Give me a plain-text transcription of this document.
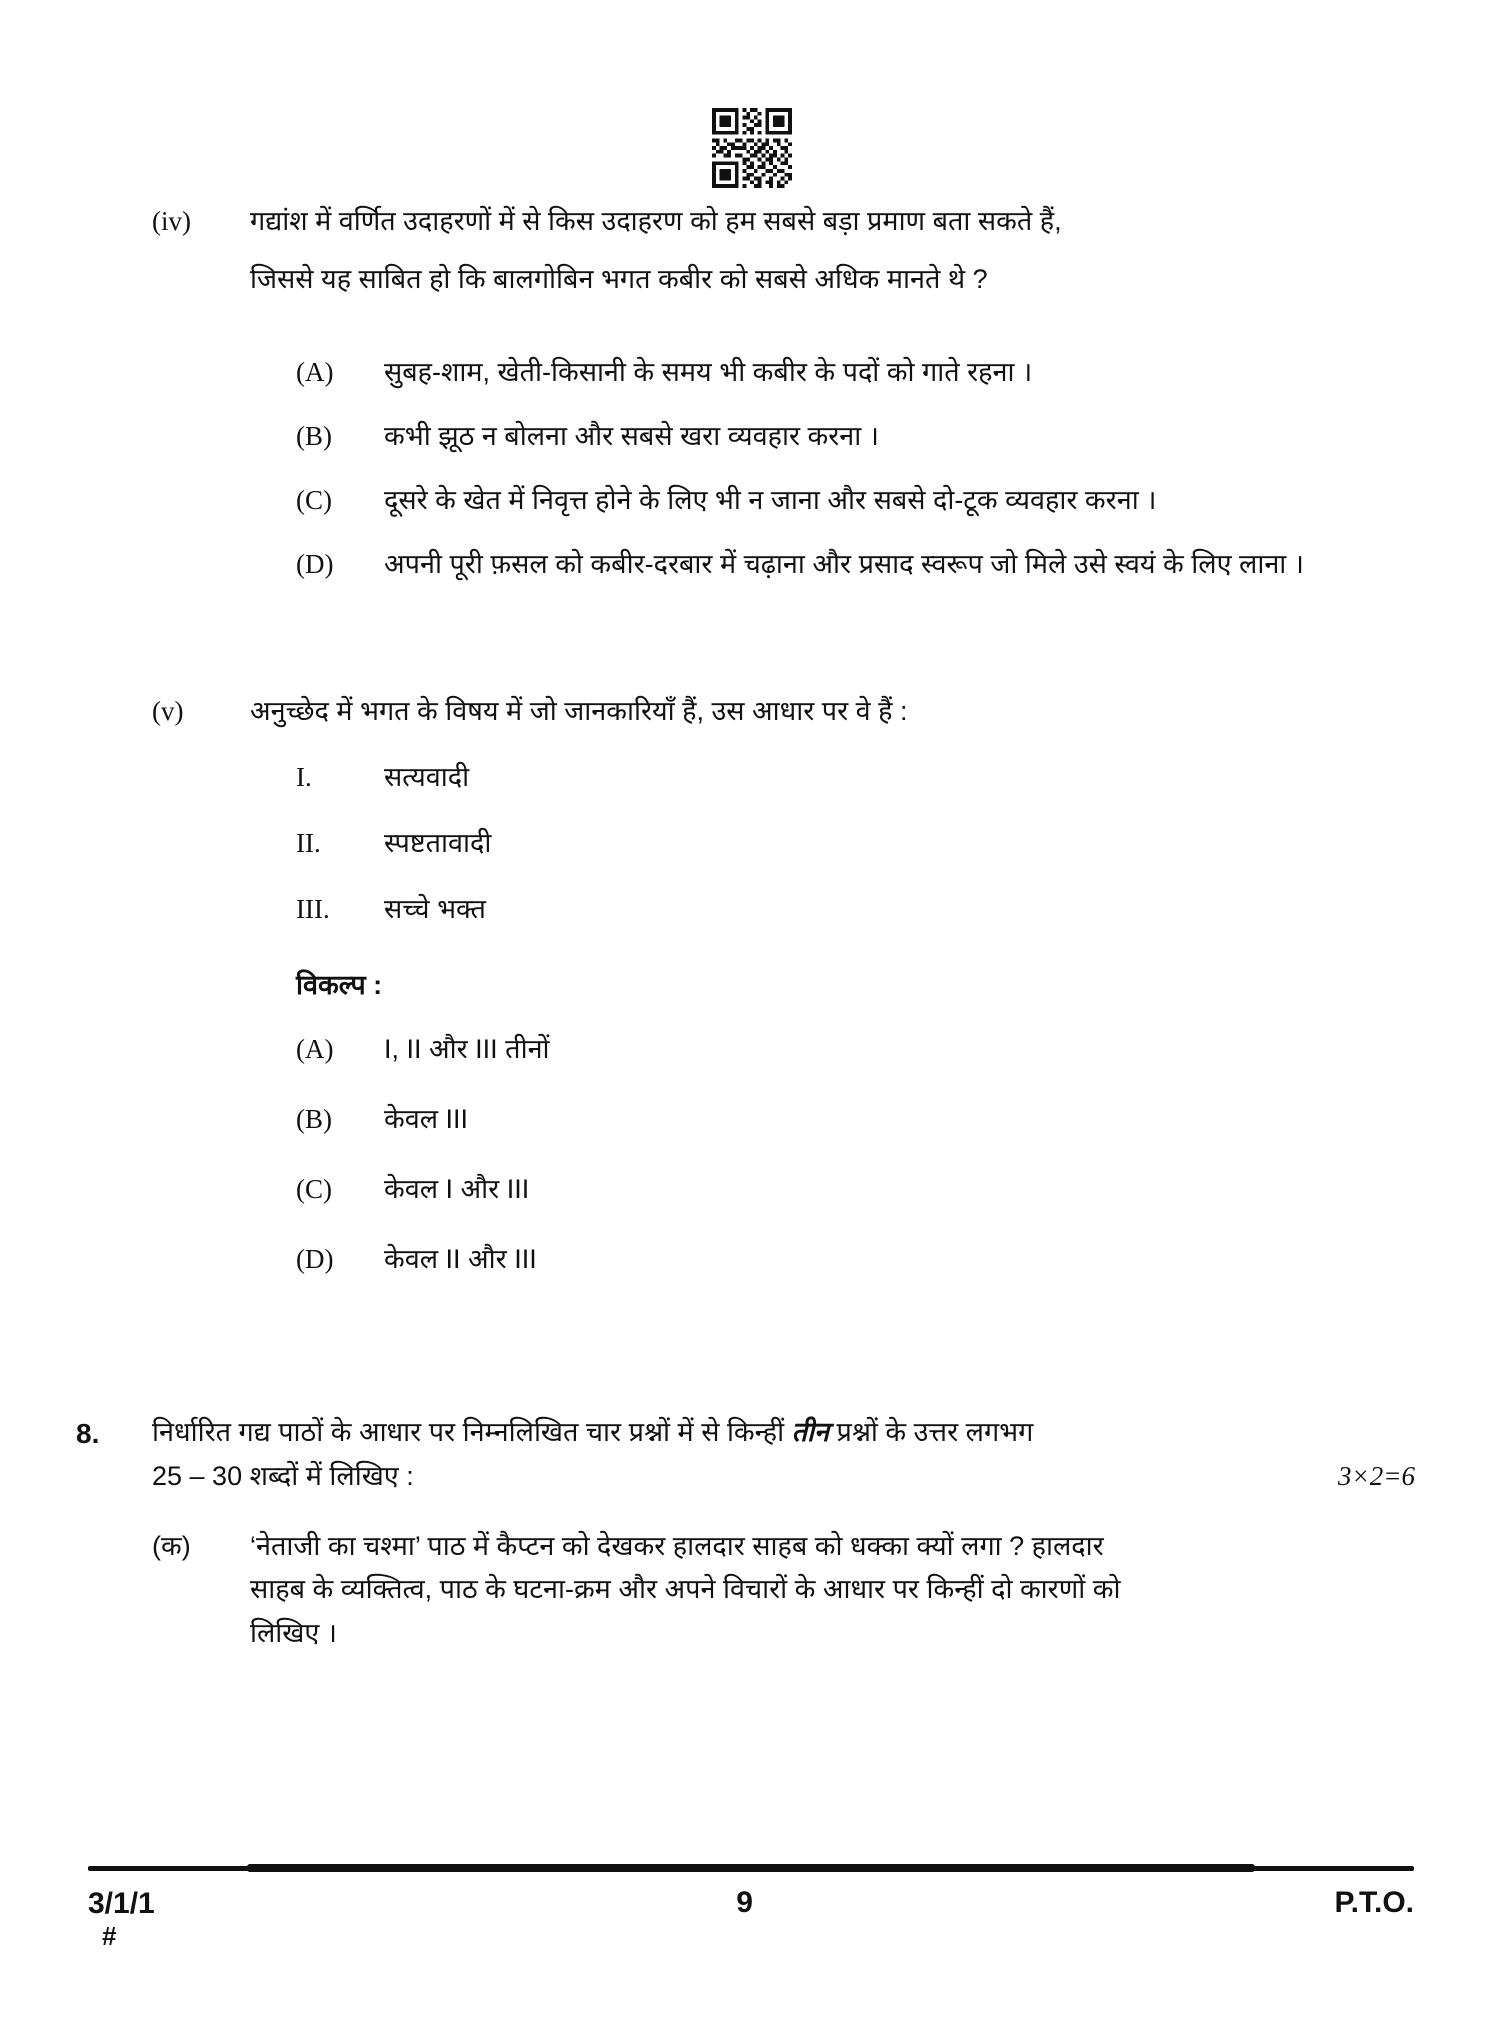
(iv)	गद्यांश में वर्णित उदाहरणों में से किस उदाहरण को हम सबसे बड़ा प्रमाण बता सकते हैं,
जिससे यह साबित हो कि बालगोबिन भगत कबीर को सबसे अधिक मानते थे ?
(A)	सुबह-शाम, खेती-किसानी के समय भी कबीर के पदों को गाते रहना ।
(B)	कभी झूठ न बोलना और सबसे खरा व्यवहार करना ।
(C)	दूसरे के खेत में निवृत्त होने के लिए भी न जाना और सबसे दो-टूक व्यवहार करना ।
(D)	अपनी पूरी फ़सल को कबीर-दरबार में चढ़ाना और प्रसाद स्वरूप जो मिले उसे स्वयं के लिए लाना ।
(v)	अनुच्छेद में भगत के विषय में जो जानकारियाँ हैं, उस आधार पर वे हैं :
I.	सत्यवादी
II.	स्पष्टतावादी
III.	सच्चे भक्त
विकल्प :
(A)	I, II और III तीनों
(B)	केवल III
(C)	केवल I और III
(D)	केवल II और III
8.	निर्धारित गद्य पाठों के आधार पर निम्नलिखित चार प्रश्नों में से किन्हीं तीन प्रश्नों के उत्तर लगभग
25 – 30 शब्दों में लिखिए :	3×2=6
(क)	‘नेताजी का चश्मा’ पाठ में कैप्टन को देखकर हालदार साहब को धक्का क्यों लगा ? हालदार
साहब के व्यक्तित्व, पाठ के घटना-क्रम और अपने विचारों के आधार पर किन्हीं दो कारणों को
लिखिए ।
3/1/1
#
9	P.T.O.
